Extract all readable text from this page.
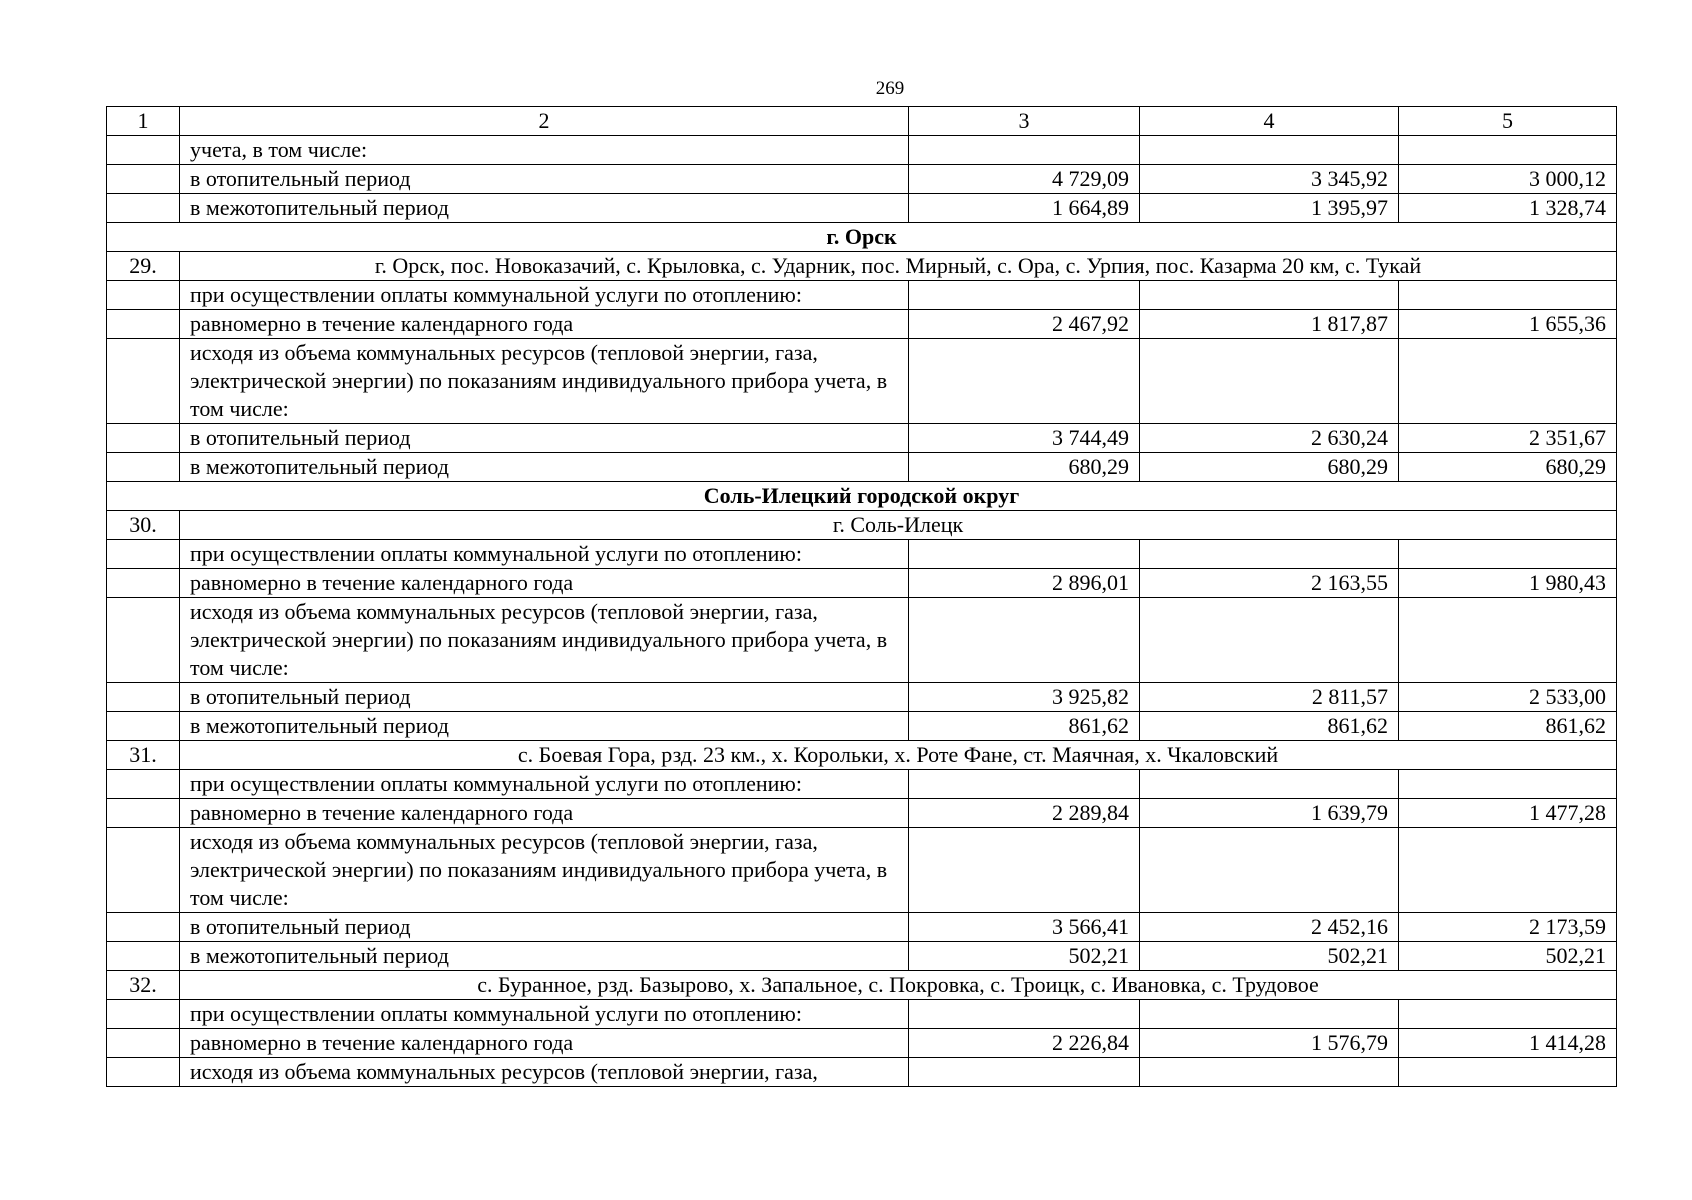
269
1	2	3	4	5
	учета, в том числе:			
	в отопительный период	4 729,09	3 345,92	3 000,12
	в межотопительный период	1 664,89	1 395,97	1 328,74
г. Орск				
29.	г. Орск, пос. Новоказачий, с. Крыловка, с. Ударник, пос. Мирный, с. Ора, с. Урпия, пос. Казарма 20 км, с. Тукай			
	при осуществлении оплаты коммунальной услуги по отоплению:			
	равномерно в течение календарного года	2 467,92	1 817,87	1 655,36
	исходя из объема коммунальных ресурсов (тепловой энергии, газа, электрической энергии) по показаниям индивидуального прибора учета, в том числе:			
	в отопительный период	3 744,49	2 630,24	2 351,67
	в межотопительный период	680,29	680,29	680,29
Соль-Илецкий городской округ				
30.	г. Соль-Илецк			
	при осуществлении оплаты коммунальной услуги по отоплению:			
	равномерно в течение календарного года	2 896,01	2 163,55	1 980,43
	исходя из объема коммунальных ресурсов (тепловой энергии, газа, электрической энергии) по показаниям индивидуального прибора учета, в том числе:			
	в отопительный период	3 925,82	2 811,57	2 533,00
	в межотопительный период	861,62	861,62	861,62
31.	с. Боевая Гора, рзд. 23 км., х. Корольки, х. Роте Фане, ст. Маячная, х. Чкаловский			
	при осуществлении оплаты коммунальной услуги по отоплению:			
	равномерно в течение календарного года	2 289,84	1 639,79	1 477,28
	исходя из объема коммунальных ресурсов (тепловой энергии, газа, электрической энергии) по показаниям индивидуального прибора учета, в том числе:			
	в отопительный период	3 566,41	2 452,16	2 173,59
	в межотопительный период	502,21	502,21	502,21
32.	с. Буранное, рзд. Базырово, х. Запальное, с. Покровка, с. Троицк, с. Ивановка, с. Трудовое			
	при осуществлении оплаты коммунальной услуги по отоплению:			
	равномерно в течение календарного года	2 226,84	1 576,79	1 414,28
	исходя из объема коммунальных ресурсов (тепловой энергии, газа,			
